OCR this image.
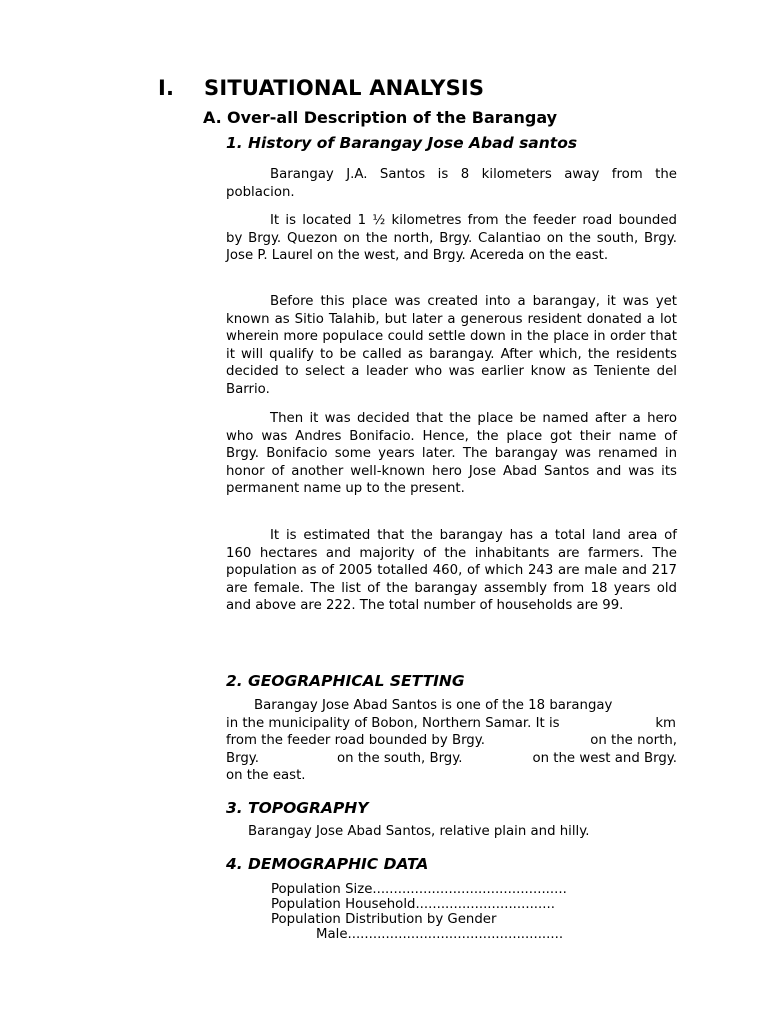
I. SITUATIONAL ANALYSIS
A. Over-all Description of the Barangay
1. History of Barangay Jose Abad santos

Barangay J.A. Santos is 8 kilometers away from the poblacion.

It is located 1 ½ kilometres from the feeder road bounded by Brgy. Quezon on the north, Brgy. Calantiao on the south, Brgy. Jose P. Laurel on the west, and Brgy. Acereda on the east.

Before this place was created into a barangay, it was yet known as Sitio Talahib, but later a generous resident donated a lot wherein more populace could settle down in the place in order that it will qualify to be called as barangay. After which, the residents decided to select a leader who was earlier know as Teniente del Barrio.

Then it was decided that the place be named after a hero who was Andres Bonifacio. Hence, the place got their name of Brgy. Bonifacio some years later. The barangay was renamed in honor of another well-known hero Jose Abad Santos and was its permanent name up to the present.

It is estimated that the barangay has a total land area of 160 hectares and majority of the inhabitants are farmers. The population as of 2005 totalled 460, of which 243 are male and 217 are female. The list of the barangay assembly from 18 years old and above are 222. The total number of households are 99.

2. GEOGRAPHICAL SETTING
Barangay Jose Abad Santos is one of the 18 barangay
in the municipality of Bobon, Northern Samar. It is	km
from the feeder road bounded by Brgy.	on the north,
Brgy.	on the south, Brgy.	on the west and Brgy.
on the east.
3. TOPOGRAPHY
Barangay Jose Abad Santos, relative plain and hilly.
4. DEMOGRAPHIC DATA
Population Size..............................................
Population Household.................................
Population Distribution by Gender
Male...................................................
